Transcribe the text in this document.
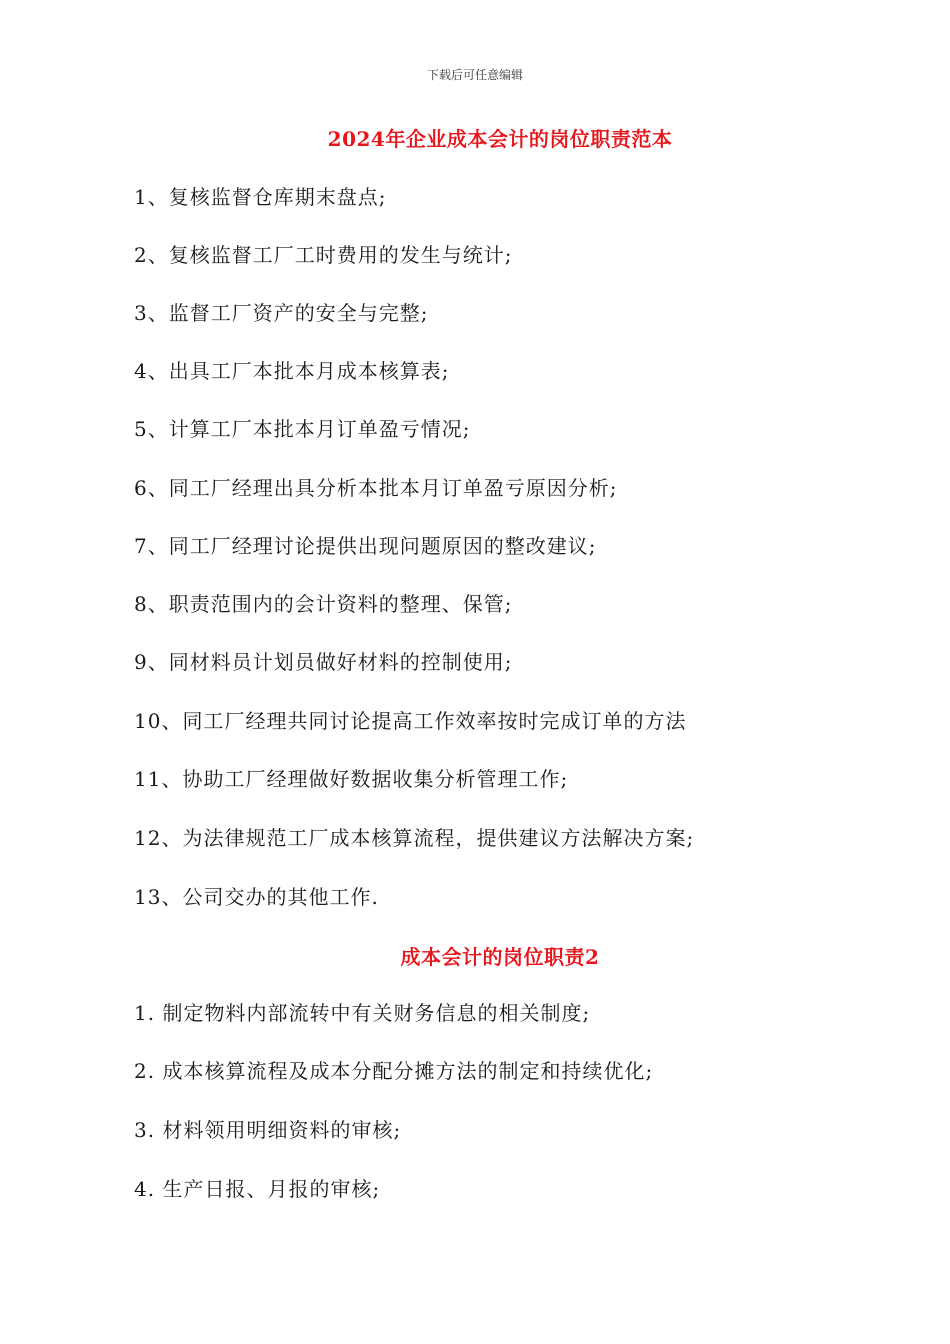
下载后可任意编辑
2024年企业成本会计的岗位职责范本
1、复核监督仓库期末盘点;
2、复核监督工厂工时费用的发生与统计;
3、监督工厂资产的安全与完整;
4、出具工厂本批本月成本核算表;
5、计算工厂本批本月订单盈亏情况;
6、同工厂经理出具分析本批本月订单盈亏原因分析;
7、同工厂经理讨论提供出现问题原因的整改建议;
8、职责范围内的会计资料的整理、保管;
9、同材料员计划员做好材料的控制使用;
10、同工厂经理共同讨论提高工作效率按时完成订单的方法
11、协助工厂经理做好数据收集分析管理工作;
12、为法律规范工厂成本核算流程，提供建议方法解决方案;
13、公司交办的其他工作.
成本会计的岗位职责2
1. 制定物料内部流转中有关财务信息的相关制度;
2. 成本核算流程及成本分配分摊方法的制定和持续优化;
3. 材料领用明细资料的审核;
4. 生产日报、月报的审核;
